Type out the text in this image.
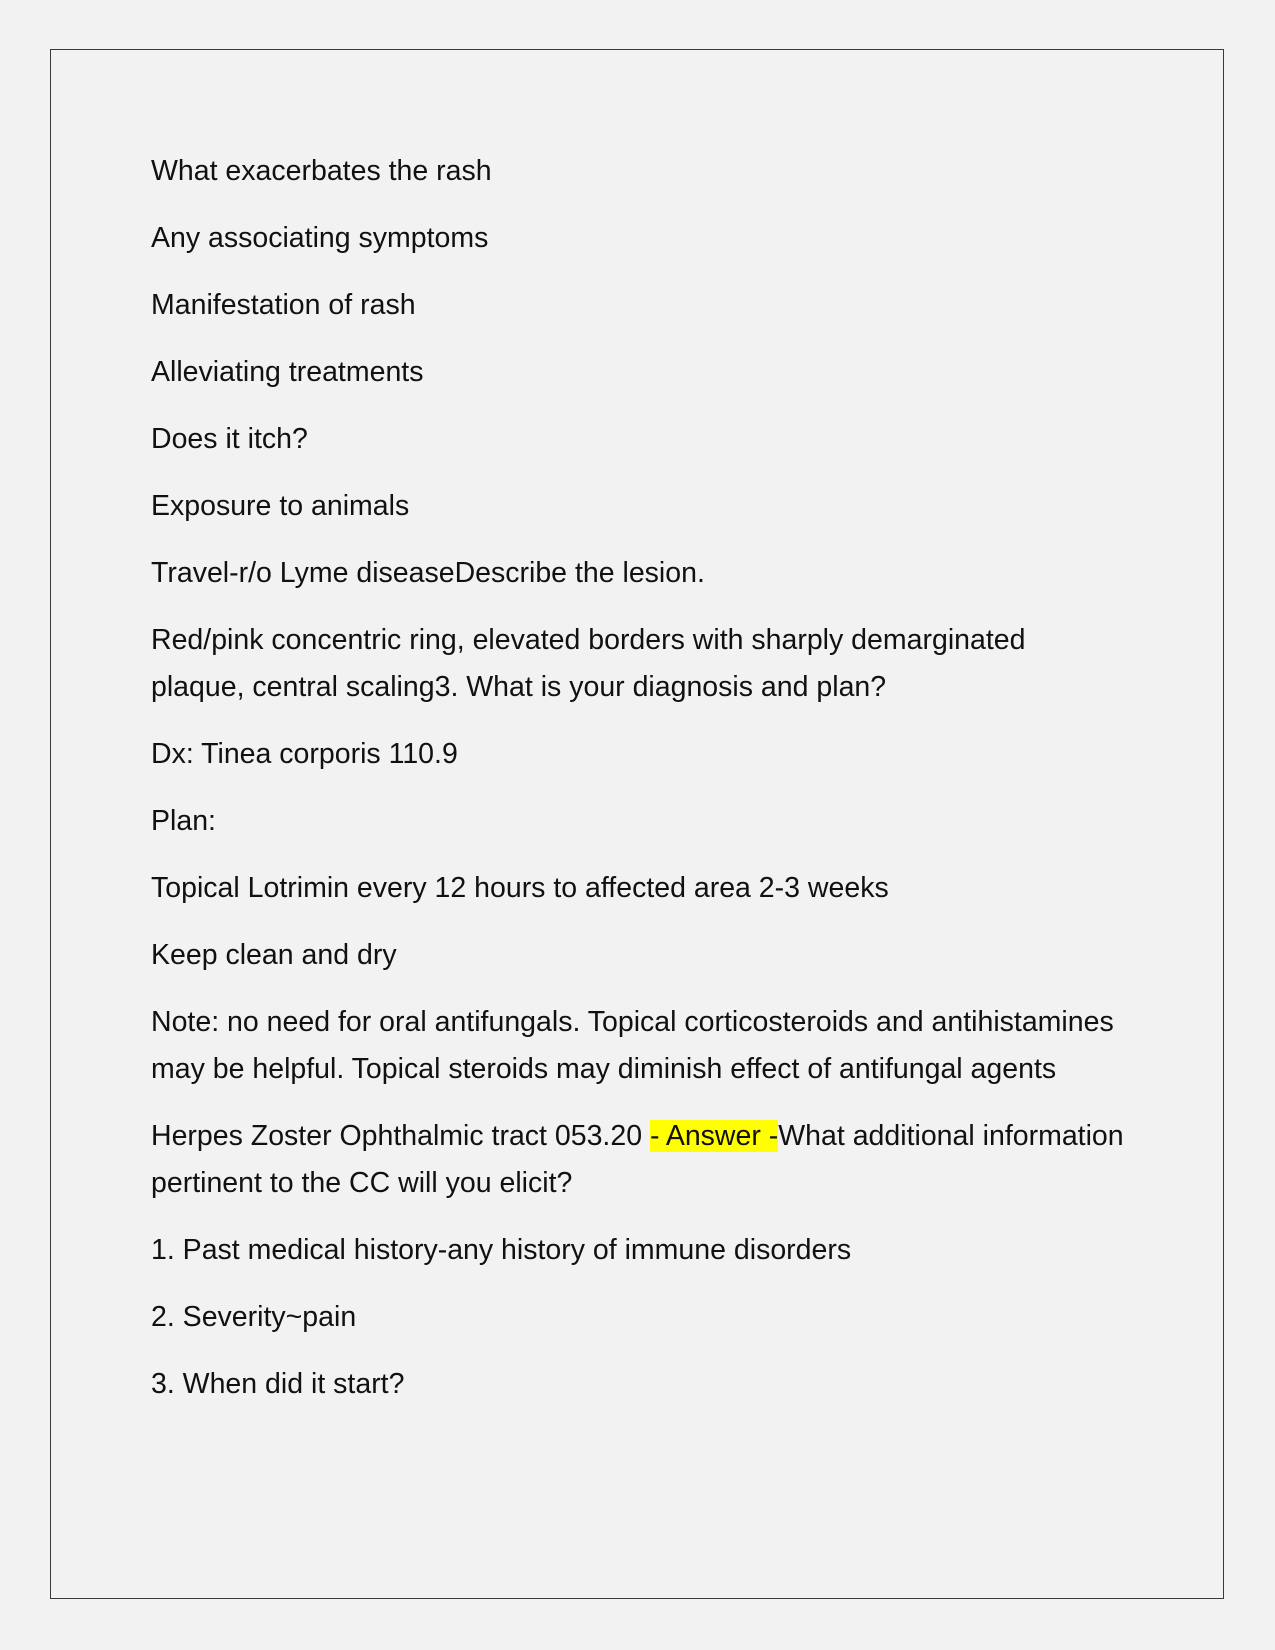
What exacerbates the rash

Any associating symptoms

Manifestation of rash

Alleviating treatments

Does it itch?

Exposure to animals

Travel-r/o Lyme diseaseDescribe the lesion.

Red/pink concentric ring, elevated borders with sharply demarginated plaque, central scaling3. What is your diagnosis and plan?

Dx: Tinea corporis 110.9

Plan:

Topical Lotrimin every 12 hours to affected area 2-3 weeks

Keep clean and dry

Note: no need for oral antifungals. Topical corticosteroids and antihistamines may be helpful. Topical steroids may diminish effect of antifungal agents

Herpes Zoster Ophthalmic tract 053.20 - Answer -What additional information pertinent to the CC will you elicit?

1. Past medical history-any history of immune disorders

2. Severity~pain

3. When did it start?
